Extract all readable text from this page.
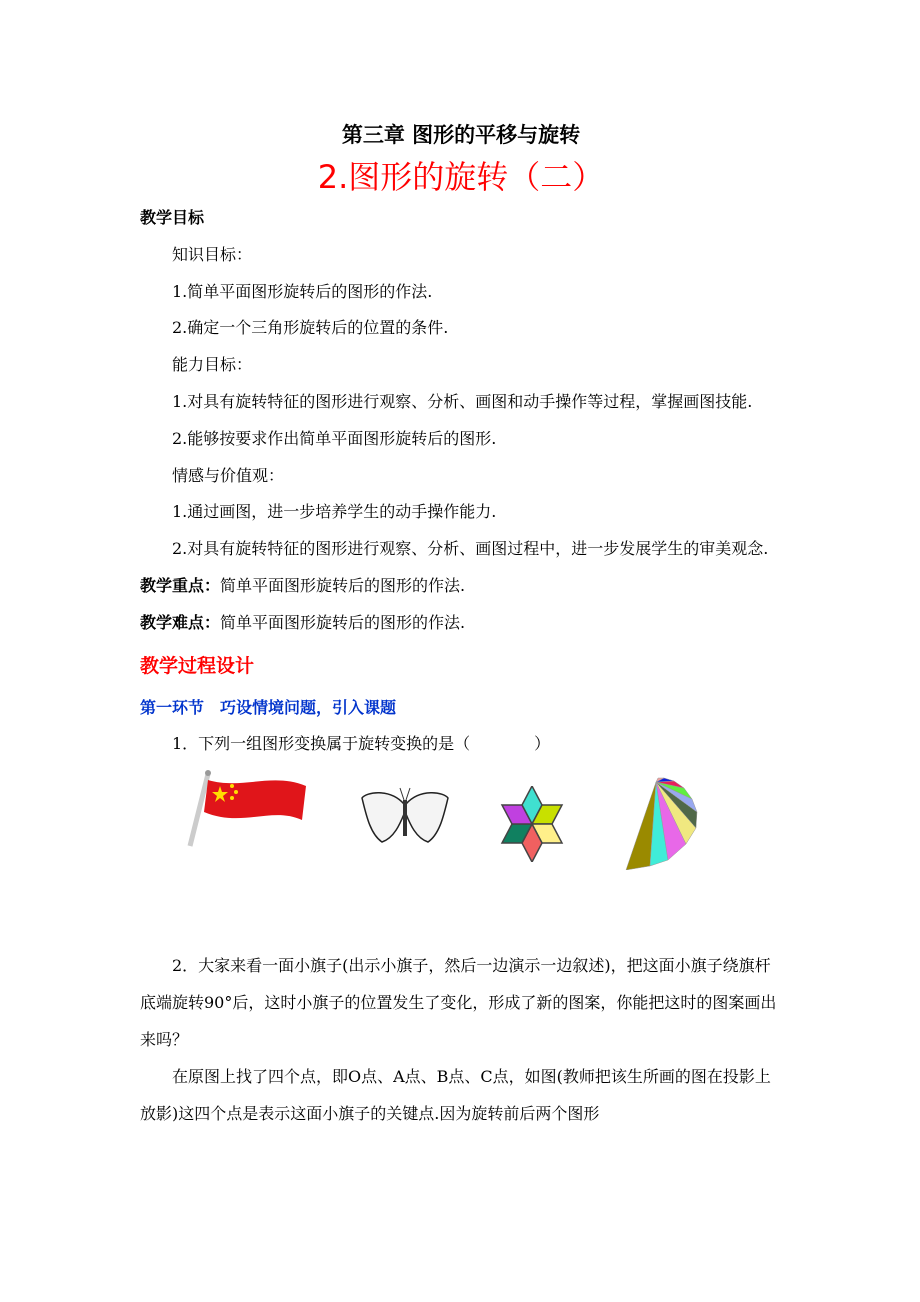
第三章 图形的平移与旋转
2.图形的旋转（二）

教学目标

知识目标：

1.简单平面图形旋转后的图形的作法.

2.确定一个三角形旋转后的位置的条件.

能力目标：

1.对具有旋转特征的图形进行观察、分析、画图和动手操作等过程，掌握画图技能.

2.能够按要求作出简单平面图形旋转后的图形.

情感与价值观：

1.通过画图，进一步培养学生的动手操作能力.

2.对具有旋转特征的图形进行观察、分析、画图过程中，进一步发展学生的审美观念.

教学重点：简单平面图形旋转后的图形的作法.

教学难点：简单平面图形旋转后的图形的作法.

教学过程设计

第一环节　巧设情境问题，引入课题

1．下列一组图形变换属于旋转变换的是（　　　　）

2．大家来看一面小旗子(出示小旗子，然后一边演示一边叙述)，把这面小旗子绕旗杆底端旋转90°后，这时小旗子的位置发生了变化，形成了新的图案，你能把这时的图案画出来吗？

在原图上找了四个点，即O点、A点、B点、C点，如图(教师把该生所画的图在投影上放影)这四个点是表示这面小旗子的关键点.因为旋转前后两个图形
